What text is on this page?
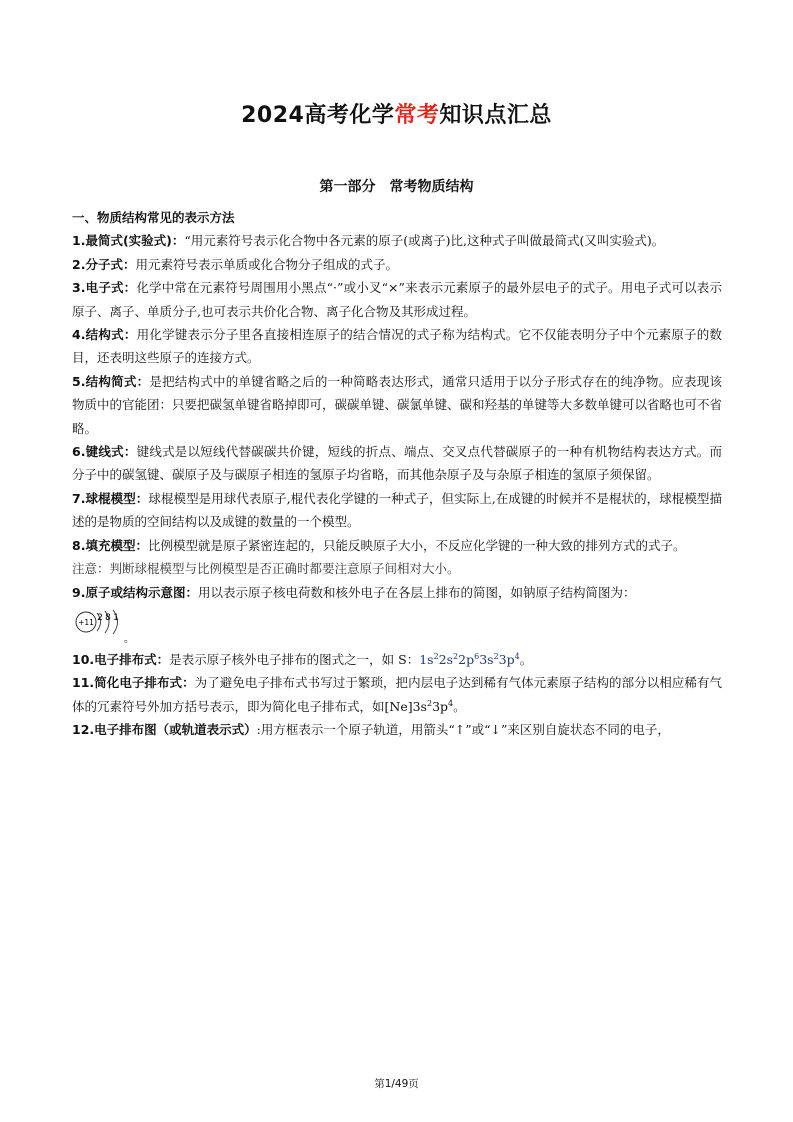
2024高考化学常考知识点汇总
第一部分　常考物质结构

一、物质结构常见的表示方法

1.最简式(实验式)：“用元素符号表示化合物中各元素的原子(或离子)比,这种式子叫做最简式(又叫实验式)。

2.分子式：用元素符号表示单质或化合物分子组成的式子。

3.电子式：化学中常在元素符号周围用小黑点“·”或小叉“×”来表示元素原子的最外层电子的式子。用电子式可以表示原子、离子、单质分子,也可表示共价化合物、离子化合物及其形成过程。

4.结构式：用化学键表示分子里各直接相连原子的结合情况的式子称为结构式。它不仅能表明分子中个元素原子的数目，还表明这些原子的连接方式。

5.结构简式：是把结构式中的单键省略之后的一种简略表达形式，通常只适用于以分子形式存在的纯净物。应表现该物质中的官能团：只要把碳氢单键省略掉即可，碳碳单键、碳氯单键、碳和羟基的单键等大多数单键可以省略也可不省略。

6.键线式：键线式是以短线代替碳碳共价键，短线的折点、端点、交叉点代替碳原子的一种有机物结构表达方式。而分子中的碳氢键、碳原子及与碳原子相连的氢原子均省略，而其他杂原子及与杂原子相连的氢原子须保留。

7.球棍模型：球棍模型是用球代表原子,棍代表化学键的一种式子，但实际上,在成键的时候并不是棍状的，球棍模型描述的是物质的空间结构以及成键的数量的一个模型。

8.填充模型：比例模型就是原子紧密连起的，只能反映原子大小，不反应化学键的一种大致的排列方式的式子。

注意：判断球棍模型与比例模型是否正确时都要注意原子间相对大小。

9.原子或结构示意图：用以表示原子核电荷数和核外电子在各层上排布的简图，如钠原子结构简图为：

+11 2 8 1
。

10.电子排布式：是表示原子核外电子排布的图式之一，如 S：$1s^22s^22p^63s^23p^4$。

11.简化电子排布式：为了避免电子排布式书写过于繁琐，把内层电子达到稀有气体元素原子结构的部分以相应稀有气体的冗素符号外加方括号表示，即为简化电子排布式，如$[Ne]3s^23p^4$。

12.电子排布图（或轨道表示式）:用方框表示一个原子轨道，用箭头“↑”或“↓”来区别自旋状态不同的电子，

第1/49页
